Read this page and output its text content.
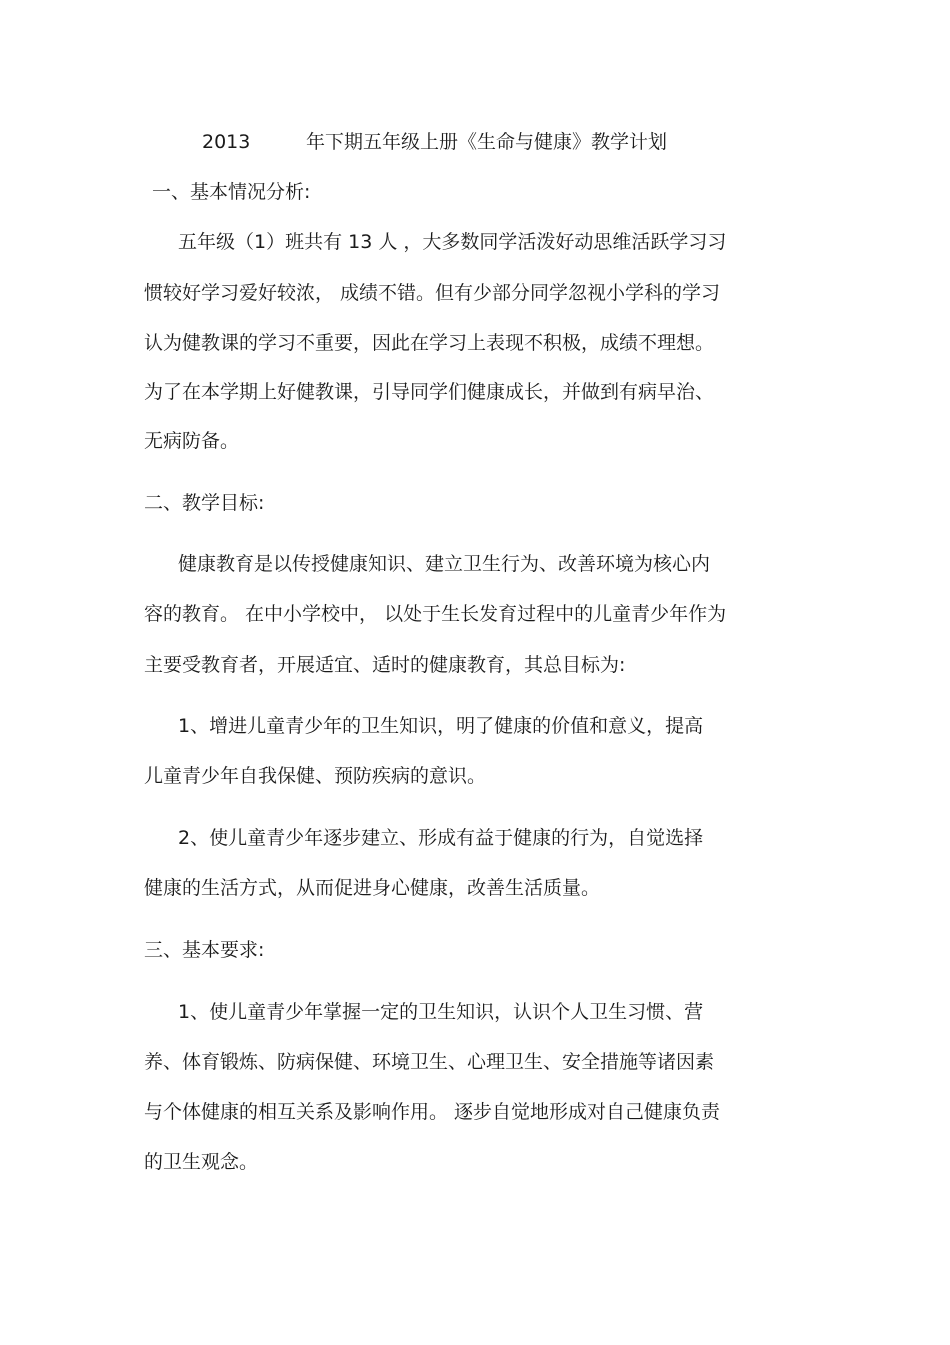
2013	年下期五年级上册《生命与健康》教学计划
一、基本情况分析:
五年级（1）班共有 13 人 ，大多数同学活泼好动思维活跃学习习
惯较好学习爱好较浓， 成绩不错。但有少部分同学忽视小学科的学习
认为健教课的学习不重要，因此在学习上表现不积极，成绩不理想。
为了在本学期上好健教课，引导同学们健康成长，并做到有病早治、
无病防备。
二、教学目标:
健康教育是以传授健康知识、建立卫生行为、改善环境为核心内
容的教育。 在中小学校中， 以处于生长发育过程中的儿童青少年作为
主要受教育者，开展适宜、适时的健康教育，其总目标为:
1、增进儿童青少年的卫生知识，明了健康的价值和意义，提高
儿童青少年自我保健、预防疾病的意识。
2、使儿童青少年逐步建立、形成有益于健康的行为，自觉选择
健康的生活方式，从而促进身心健康，改善生活质量。
三、基本要求:
1、使儿童青少年掌握一定的卫生知识，认识个人卫生习惯、营
养、体育锻炼、防病保健、环境卫生、心理卫生、安全措施等诸因素
与个体健康的相互关系及影响作用。 逐步自觉地形成对自己健康负责
的卫生观念。
